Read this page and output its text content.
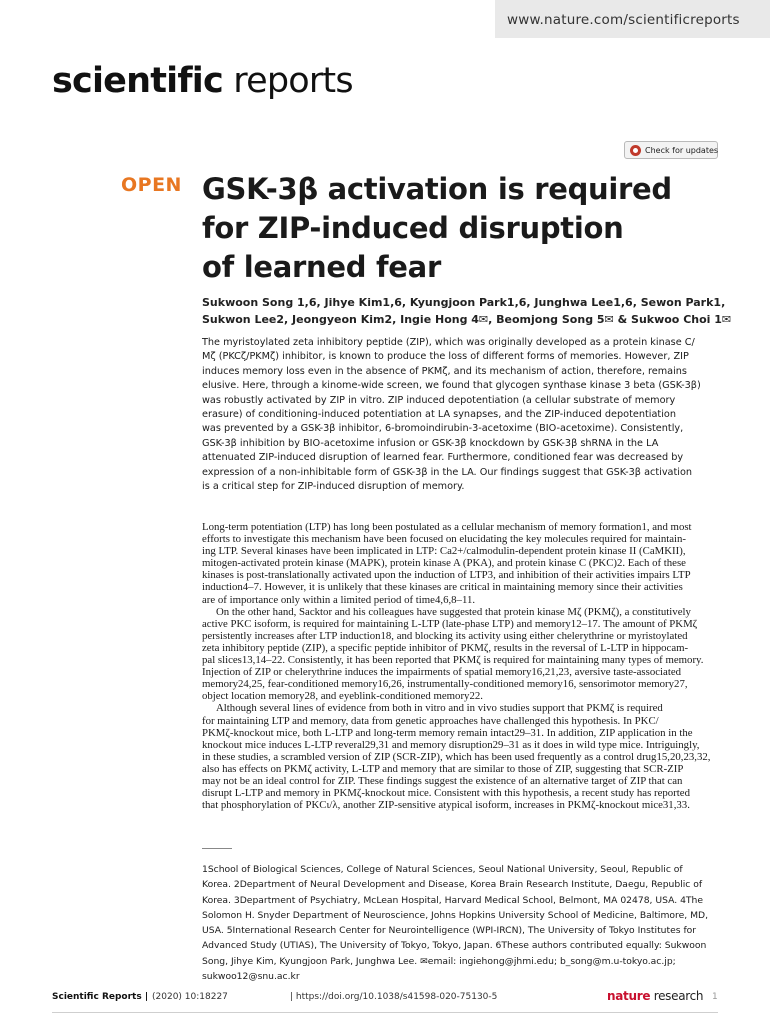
www.nature.com/scientificreports
scientific reports
Check for updates
OPEN GSK-3β activation is required
for ZIP-induced disruption
of learned fear
Sukwoon Song 1,6, Jihye Kim1,6, Kyungjoon Park1,6, Junghwa Lee1,6, Sewon Park1,
Sukwon Lee2, Jeongyeon Kim2, Ingie Hong 4✉, Beomjong Song 5✉ & Sukwoo Choi 1✉
The myristoylated zeta inhibitory peptide (ZIP), which was originally developed as a protein kinase C/
Mζ (PKCζ/PKMζ) inhibitor, is known to produce the loss of different forms of memories. However, ZIP
induces memory loss even in the absence of PKMζ, and its mechanism of action, therefore, remains
elusive. Here, through a kinome-wide screen, we found that glycogen synthase kinase 3 beta (GSK-3β)
was robustly activated by ZIP in vitro. ZIP induced depotentiation (a cellular substrate of memory
erasure) of conditioning-induced potentiation at LA synapses, and the ZIP-induced depotentiation
was prevented by a GSK-3β inhibitor, 6-bromoindirubin-3-acetoxime (BIO-acetoxime). Consistently,
GSK-3β inhibition by BIO-acetoxime infusion or GSK-3β knockdown by GSK-3β shRNA in the LA
attenuated ZIP-induced disruption of learned fear. Furthermore, conditioned fear was decreased by
expression of a non-inhibitable form of GSK-3β in the LA. Our findings suggest that GSK-3β activation
is a critical step for ZIP-induced disruption of memory.
Long-term potentiation (LTP) has long been postulated as a cellular mechanism of memory formation1, and most
efforts to investigate this mechanism have been focused on elucidating the key molecules required for maintain-
ing LTP. Several kinases have been implicated in LTP: Ca2+/calmodulin-dependent protein kinase II (CaMKII),
mitogen-activated protein kinase (MAPK), protein kinase A (PKA), and protein kinase C (PKC)2. Each of these
kinases is post-translationally activated upon the induction of LTP3, and inhibition of their activities impairs LTP
induction4–7. However, it is unlikely that these kinases are critical in maintaining memory since their activities
are of importance only within a limited period of time4,6,8–11.
On the other hand, Sacktor and his colleagues have suggested that protein kinase Mζ (PKMζ), a constitutively
active PKC isoform, is required for maintaining L-LTP (late-phase LTP) and memory12–17. The amount of PKMζ
persistently increases after LTP induction18, and blocking its activity using either chelerythrine or myristoylated
zeta inhibitory peptide (ZIP), a specific peptide inhibitor of PKMζ, results in the reversal of L-LTP in hippocam-
pal slices13,14–22. Consistently, it has been reported that PKMζ is required for maintaining many types of memory.
Injection of ZIP or chelerythrine induces the impairments of spatial memory16,21,23, aversive taste-associated
memory24,25, fear-conditioned memory16,26, instrumentally-conditioned memory16, sensorimotor memory27,
object location memory28, and eyeblink-conditioned memory22.
Although several lines of evidence from both in vitro and in vivo studies support that PKMζ is required
for maintaining LTP and memory, data from genetic approaches have challenged this hypothesis. In PKC/
PKMζ-knockout mice, both L-LTP and long-term memory remain intact29–31. In addition, ZIP application in the
knockout mice induces L-LTP reveral29,31 and memory disruption29–31 as it does in wild type mice. Intriguingly,
in these studies, a scrambled version of ZIP (SCR-ZIP), which has been used frequently as a control drug15,20,23,32,
also has effects on PKMζ activity, L-LTP and memory that are similar to those of ZIP, suggesting that SCR-ZIP
may not be an ideal control for ZIP. These findings suggest the existence of an alternative target of ZIP that can
disrupt L-LTP and memory in PKMζ-knockout mice. Consistent with this hypothesis, a recent study has reported
that phosphorylation of PKCι/λ, another ZIP-sensitive atypical isoform, increases in PKMζ-knockout mice31,33.
1School of Biological Sciences, College of Natural Sciences, Seoul National University, Seoul, Republic of
Korea. 2Department of Neural Development and Disease, Korea Brain Research Institute, Daegu, Republic of
Korea. 3Department of Psychiatry, McLean Hospital, Harvard Medical School, Belmont, MA 02478, USA. 4The
Solomon H. Snyder Department of Neuroscience, Johns Hopkins University School of Medicine, Baltimore, MD,
USA. 5International Research Center for Neurointelligence (WPI-IRCN), The University of Tokyo Institutes for
Advanced Study (UTIAS), The University of Tokyo, Tokyo, Japan. 6These authors contributed equally: Sukwoon
Song, Jihye Kim, Kyungjoon Park, Junghwa Lee. ✉email: ingiehong@jhmi.edu; b_song@m.u-tokyo.ac.jp;
sukwoo12@snu.ac.kr
Scientific Reports | (2020) 10:18227	| https://doi.org/10.1038/s41598-020-75130-5	nature research 1
